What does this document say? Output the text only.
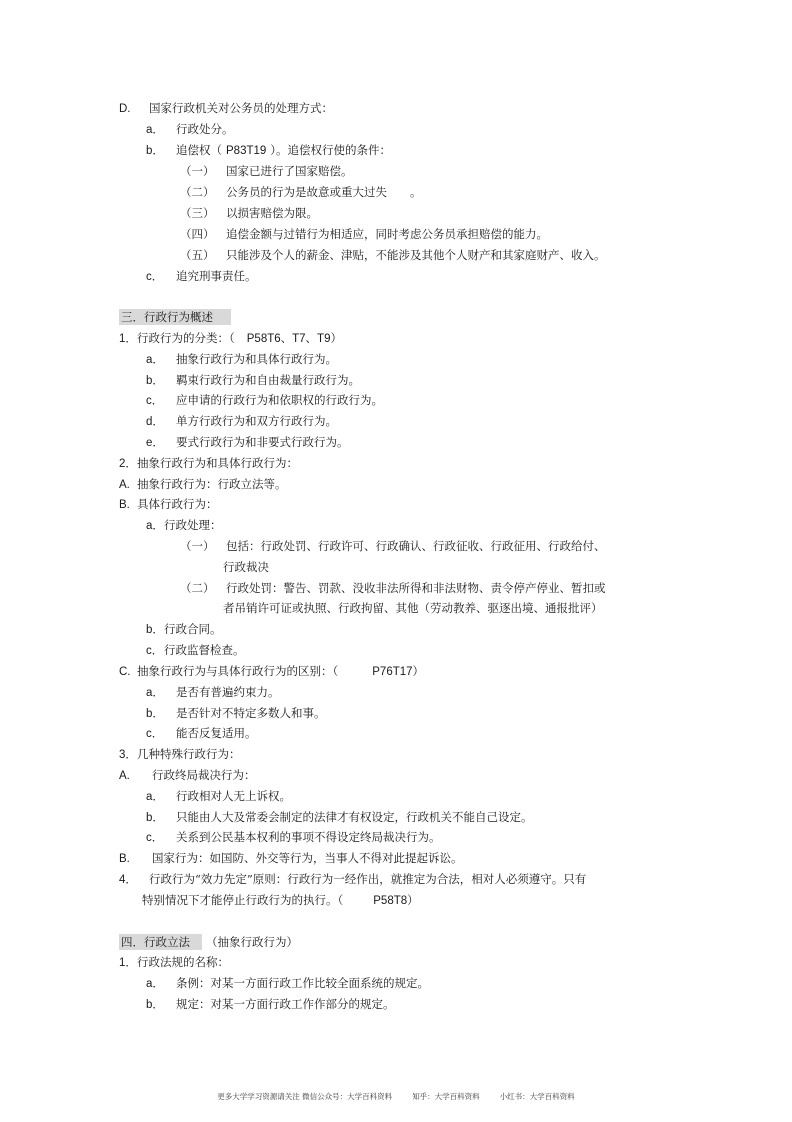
D. 国家行政机关对公务员的处理方式：
a． 行政处分。
b． 追偿权（ P83T19 ）。追偿权行使的条件：
（一） 国家已进行了国家赔偿。
（二） 公务员的行为是故意或重大过失　　。
（三） 以损害赔偿为限。
（四） 追偿金额与过错行为相适应，同时考虑公务员承担赔偿的能力。
（五） 只能涉及个人的薪金、津贴，不能涉及其他个人财产和其家庭财产、收入。
c． 追究刑事责任。
三．行政行为概述
1．行政行为的分类：（ P58T6、T7、T9）
a． 抽象行政行为和具体行政行为。
b． 羁束行政行为和自由裁量行政行为。
c． 应申请的行政行为和依职权的行政行为。
d． 单方行政行为和双方行政行为。
e． 要式行政行为和非要式行政行为。
2．抽象行政行为和具体行政行为：
A. 抽象行政行为：行政立法等。
B. 具体行政行为：
a．行政处理：
（一） 包括：行政处罚、行政许可、行政确认、行政征收、行政征用、行政给付、
行政裁决
（二） 行政处罚：警告、罚款、没收非法所得和非法财物、责令停产停业、暂扣或
者吊销许可证或执照、行政拘留、其他（劳动教养、驱逐出境、通报批评）
b．行政合同。
c．行政监督检查。
C. 抽象行政行为与具体行政行为的区别：（	P76T17）
a． 是否有普遍约束力。
b． 是否针对不特定多数人和事。
c． 能否反复适用。
3．几种特殊行政行为：
A. 行政终局裁决行为：
a． 行政相对人无上诉权。
b． 只能由人大及常委会制定的法律才有权设定，行政机关不能自己设定。
c． 关系到公民基本权利的事项不得设定终局裁决行为。
B. 国家行为：如国防、外交等行为，当事人不得对此提起诉讼。
4． 行政行为“效力先定”原则：行政行为一经作出，就推定为合法，相对人必须遵守。只有
特别情况下才能停止行政行为的执行。（	P58T8）
四．行政立法 （抽象行政行为）
1．行政法规的名称：
a． 条例：对某一方面行政工作比较全面系统的规定。
b． 规定：对某一方面行政工作作部分的规定。
更多大学学习资源请关注 微信公众号：大学百科资料	知乎：大学百科资料	小红书：大学百科资料
